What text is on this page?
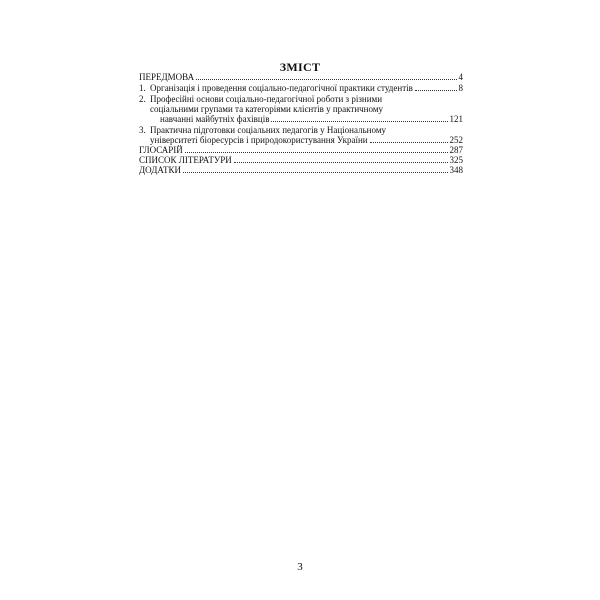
ЗМІСТ
ПЕРЕДМОВА	4
1. Організація і проведення соціально-педагогічної практики студентів	8
2. Професійні основи соціально-педагогічної роботи з різними
соціальними групами та категоріями клієнтів у практичному
навчанні майбутніх фахівців	121
3. Практична підготовки соціальних педагогів у Національному
університеті біоресурсів і природокористування України	252
ГЛОСАРІЙ	287
СПИСОК ЛІТЕРАТУРИ	325
ДОДАТКИ	348
3
